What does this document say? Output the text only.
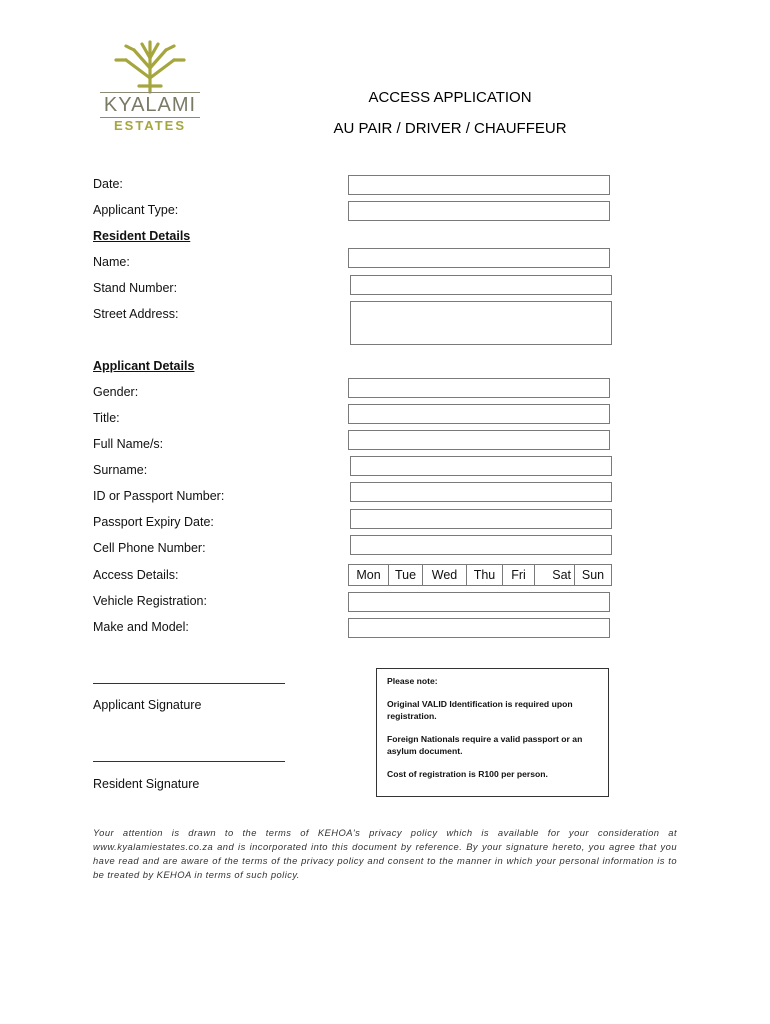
KYALAMI
ESTATES
ACCESS APPLICATION
AU PAIR / DRIVER / CHAUFFEUR
Date:
Applicant Type:
Resident Details
Name:
Stand Number:
Street Address:
Applicant Details
Gender:
Title:
Full Name/s:
Surname:
ID or Passport Number:
Passport Expiry Date:
Cell Phone Number:
Access Details:	Mon	Tue	Wed	Thu	Fri	Sat Sun
Vehicle Registration:
Make and Model:
Applicant Signature
Resident Signature

Please note:

Original VALID Identification is required upon registration.

Foreign Nationals require a valid passport or an asylum document.

Cost of registration is R100 per person.

Your attention is drawn to the terms of KEHOA's privacy policy which is available for your consideration at www.kyalamiestates.co.za and is incorporated into this document by reference. By your signature hereto, you agree that you have read and are aware of the terms of the privacy policy and consent to the manner in which your personal information is to be treated by KEHOA in terms of such policy.
